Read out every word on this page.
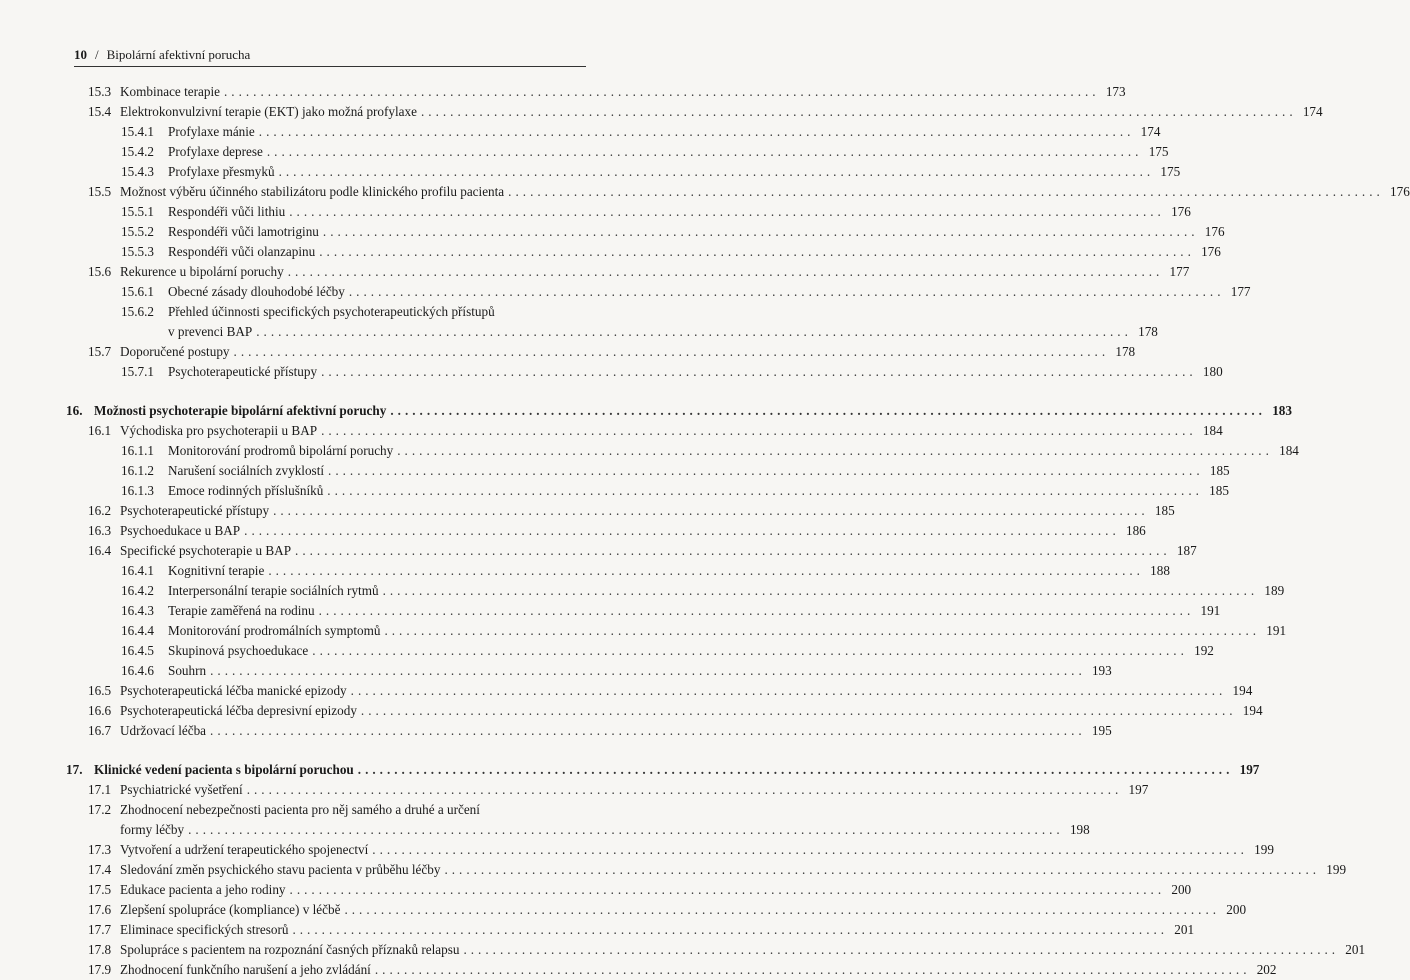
10 / Bipolární afektivní porucha
15.3 Kombinace terapie ........................................................................................................................ 173
15.4 Elektrokonvulzivní terapie (EKT) jako možná profylaxe ........................................................................................................................ 174
15.4.1	Profylaxe mánie ........................................................................................................................ 174
15.4.2	Profylaxe deprese ........................................................................................................................ 175
15.4.3	Profylaxe přesmyků ........................................................................................................................ 175
15.5 Možnost výběru účinného stabilizátoru podle klinického profilu pacienta ........................................................................................................................ 176
15.5.1	Respondéři vůči lithiu ........................................................................................................................ 176
15.5.2	Respondéři vůči lamotriginu ........................................................................................................................ 176
15.5.3	Respondéři vůči olanzapinu ........................................................................................................................ 176
15.6 Rekurence u bipolární poruchy ........................................................................................................................ 177
15.6.1	Obecné zásady dlouhodobé léčby ........................................................................................................................ 177
15.6.2	Přehled účinnosti specifických psychoterapeutických přístupů
v prevenci BAP ........................................................................................................................ 178
15.7 Doporučené postupy ........................................................................................................................ 178
15.7.1	Psychoterapeutické přístupy ........................................................................................................................ 180
16. Možnosti psychoterapie bipolární afektivní poruchy ........................................................................................................................ 183
16.1 Východiska pro psychoterapii u BAP ........................................................................................................................ 184
16.1.1	Monitorování prodromů bipolární poruchy ........................................................................................................................ 184
16.1.2	Narušení sociálních zvyklostí ........................................................................................................................ 185
16.1.3	Emoce rodinných příslušníků ........................................................................................................................ 185
16.2 Psychoterapeutické přístupy ........................................................................................................................ 185
16.3 Psychoedukace u BAP ........................................................................................................................ 186
16.4 Specifické psychoterapie u BAP ........................................................................................................................ 187
16.4.1	Kognitivní terapie ........................................................................................................................ 188
16.4.2	Interpersonální terapie sociálních rytmů ........................................................................................................................ 189
16.4.3	Terapie zaměřená na rodinu ........................................................................................................................ 191
16.4.4	Monitorování prodromálních symptomů ........................................................................................................................ 191
16.4.5	Skupinová psychoedukace ........................................................................................................................ 192
16.4.6	Souhrn ........................................................................................................................ 193
16.5 Psychoterapeutická léčba manické epizody ........................................................................................................................ 194
16.6 Psychoterapeutická léčba depresivní epizody ........................................................................................................................ 194
16.7 Udržovací léčba ........................................................................................................................ 195
17. Klinické vedení pacienta s bipolární poruchou ........................................................................................................................ 197
17.1 Psychiatrické vyšetření ........................................................................................................................ 197
17.2 Zhodnocení nebezpečnosti pacienta pro něj samého a druhé a určení
formy léčby ........................................................................................................................ 198
17.3 Vytvoření a udržení terapeutického spojenectví ........................................................................................................................ 199
17.4 Sledování změn psychického stavu pacienta v průběhu léčby ........................................................................................................................ 199
17.5 Edukace pacienta a jeho rodiny ........................................................................................................................ 200
17.6 Zlepšení spolupráce (kompliance) v léčbě ........................................................................................................................ 200
17.7 Eliminace specifických stresorů ........................................................................................................................ 201
17.8 Spolupráce s pacientem na rozpoznání časných příznaků relapsu ........................................................................................................................ 201
17.9 Zhodnocení funkčního narušení a jeho zvládání ........................................................................................................................ 202
